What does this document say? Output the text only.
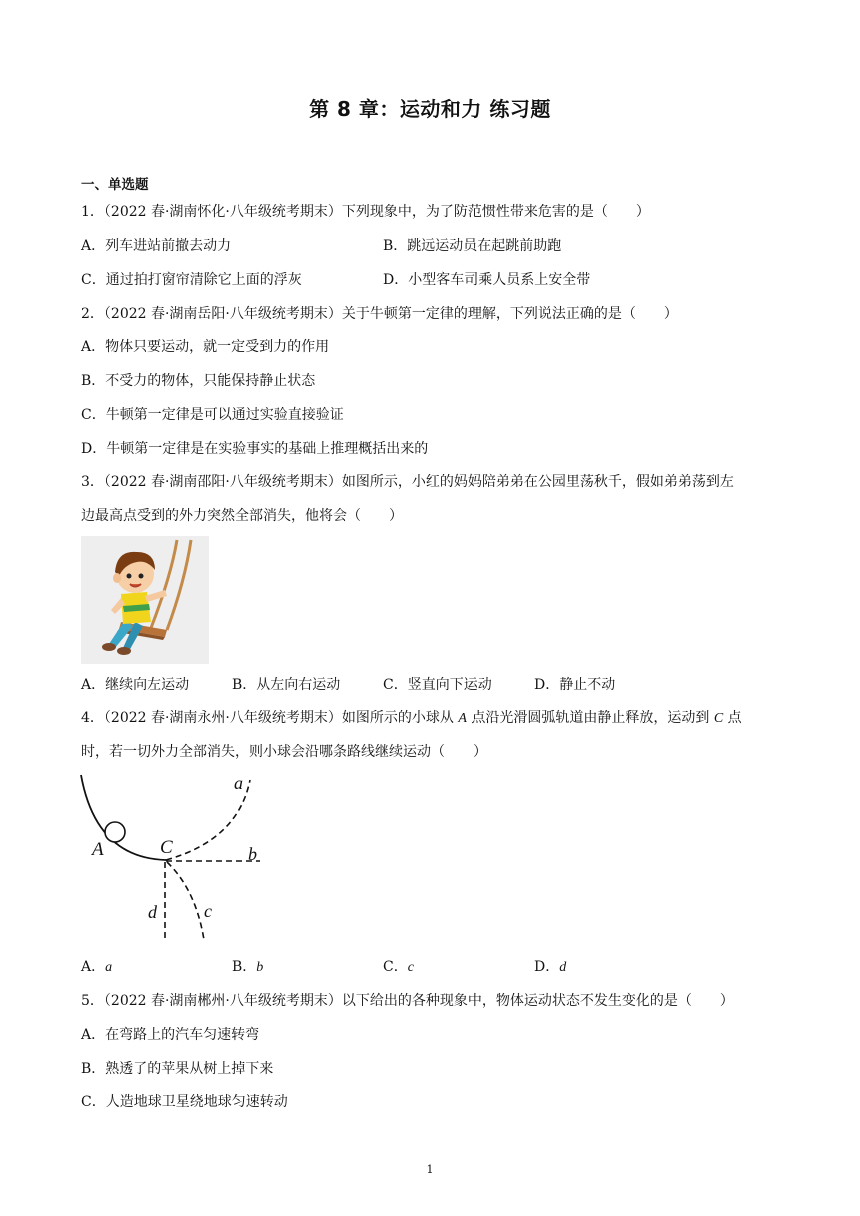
第 8 章：运动和力 练习题
一、单选题
1．（2022 春·湖南怀化·八年级统考期末）下列现象中，为了防范惯性带来危害的是（　　）
A．列车进站前撤去动力	B．跳远运动员在起跳前助跑
C．通过拍打窗帘清除它上面的浮灰	D．小型客车司乘人员系上安全带
2．（2022 春·湖南岳阳·八年级统考期末）关于牛顿第一定律的理解，下列说法正确的是（　　）
A．物体只要运动，就一定受到力的作用
B．不受力的物体，只能保持静止状态
C．牛顿第一定律是可以通过实验直接验证
D．牛顿第一定律是在实验事实的基础上推理概括出来的
3．（2022 春·湖南邵阳·八年级统考期末）如图所示，小红的妈妈陪弟弟在公园里荡秋千，假如弟弟荡到左
边最高点受到的外力突然全部消失，他将会（　　）
A．继续向左运动	B．从左向右运动	C．竖直向下运动	D．静止不动
4．（2022 春·湖南永州·八年级统考期末）如图所示的小球从 A 点沿光滑圆弧轨道由静止释放，运动到 C 点
时，若一切外力全部消失，则小球会沿哪条路线继续运动（　　）
a
b
c
d
A	C
A．a	B．b	C．c	D．d
5．（2022 春·湖南郴州·八年级统考期末）以下给出的各种现象中，物体运动状态不发生变化的是（　　）
A．在弯路上的汽车匀速转弯
B．熟透了的苹果从树上掉下来
C．人造地球卫星绕地球匀速转动
1
